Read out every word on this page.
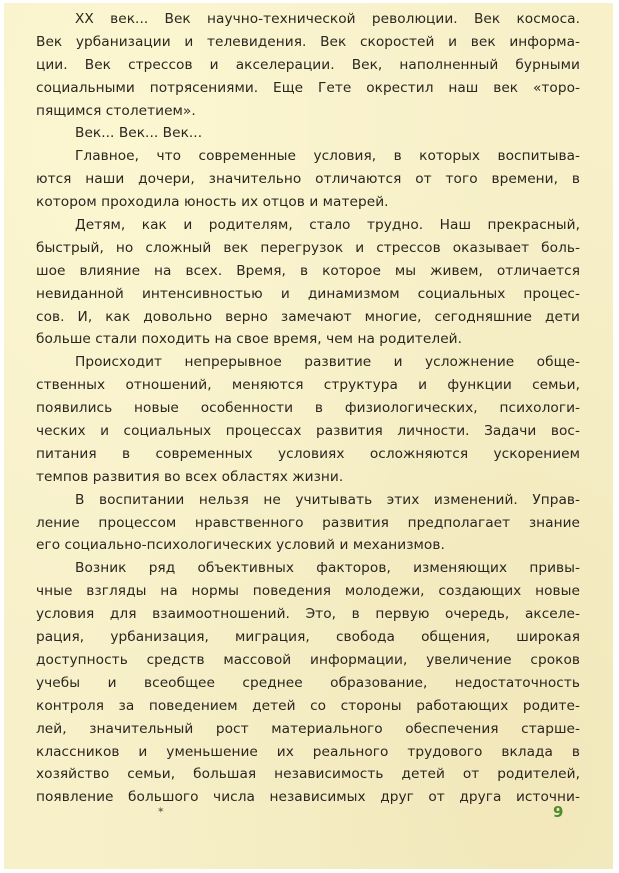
XX век... Век научно-технической революции. Век космоса.
Век урбанизации и телевидения. Век скоростей и век информа-
ции. Век стрессов и акселерации. Век, наполненный бурными
социальными потрясениями. Еще Гете окрестил наш век «торо-
пящимся столетием».
Век... Век... Век...
Главное, что современные условия, в которых воспитыва-
ются наши дочери, значительно отличаются от того времени, в
котором проходила юность их отцов и матерей.
Детям, как и родителям, стало трудно. Наш прекрасный,
быстрый, но сложный век перегрузок и стрессов оказывает боль-
шое влияние на всех. Время, в которое мы живем, отличается
невиданной интенсивностью и динамизмом социальных процес-
сов. И, как довольно верно замечают многие, сегодняшние дети
больше стали походить на свое время, чем на родителей.
Происходит непрерывное развитие и усложнение обще-
ственных отношений, меняются структура и функции семьи,
появились новые особенности в физиологических, психологи-
ческих и социальных процессах развития личности. Задачи вос-
питания в современных условиях осложняются ускорением
темпов развития во всех областях жизни.
В воспитании нельзя не учитывать этих изменений. Управ-
ление процессом нравственного развития предполагает знание
его социально-психологических условий и механизмов.
Возник ряд объективных факторов, изменяющих привы-
чные взгляды на нормы поведения молодежи, создающих новые
условия для взаимоотношений. Это, в первую очередь, акселе-
рация, урбанизация, миграция, свобода общения, широкая
доступность средств массовой информации, увеличение сроков
учебы и всеобщее среднее образование, недостаточность
контроля за поведением детей со стороны работающих родите-
лей, значительный рост материального обеспечения старше-
классников и уменьшение их реального трудового вклада в
хозяйство семьи, большая независимость детей от родителей,
появление большого числа независимых друг от друга источни-
✶	9
